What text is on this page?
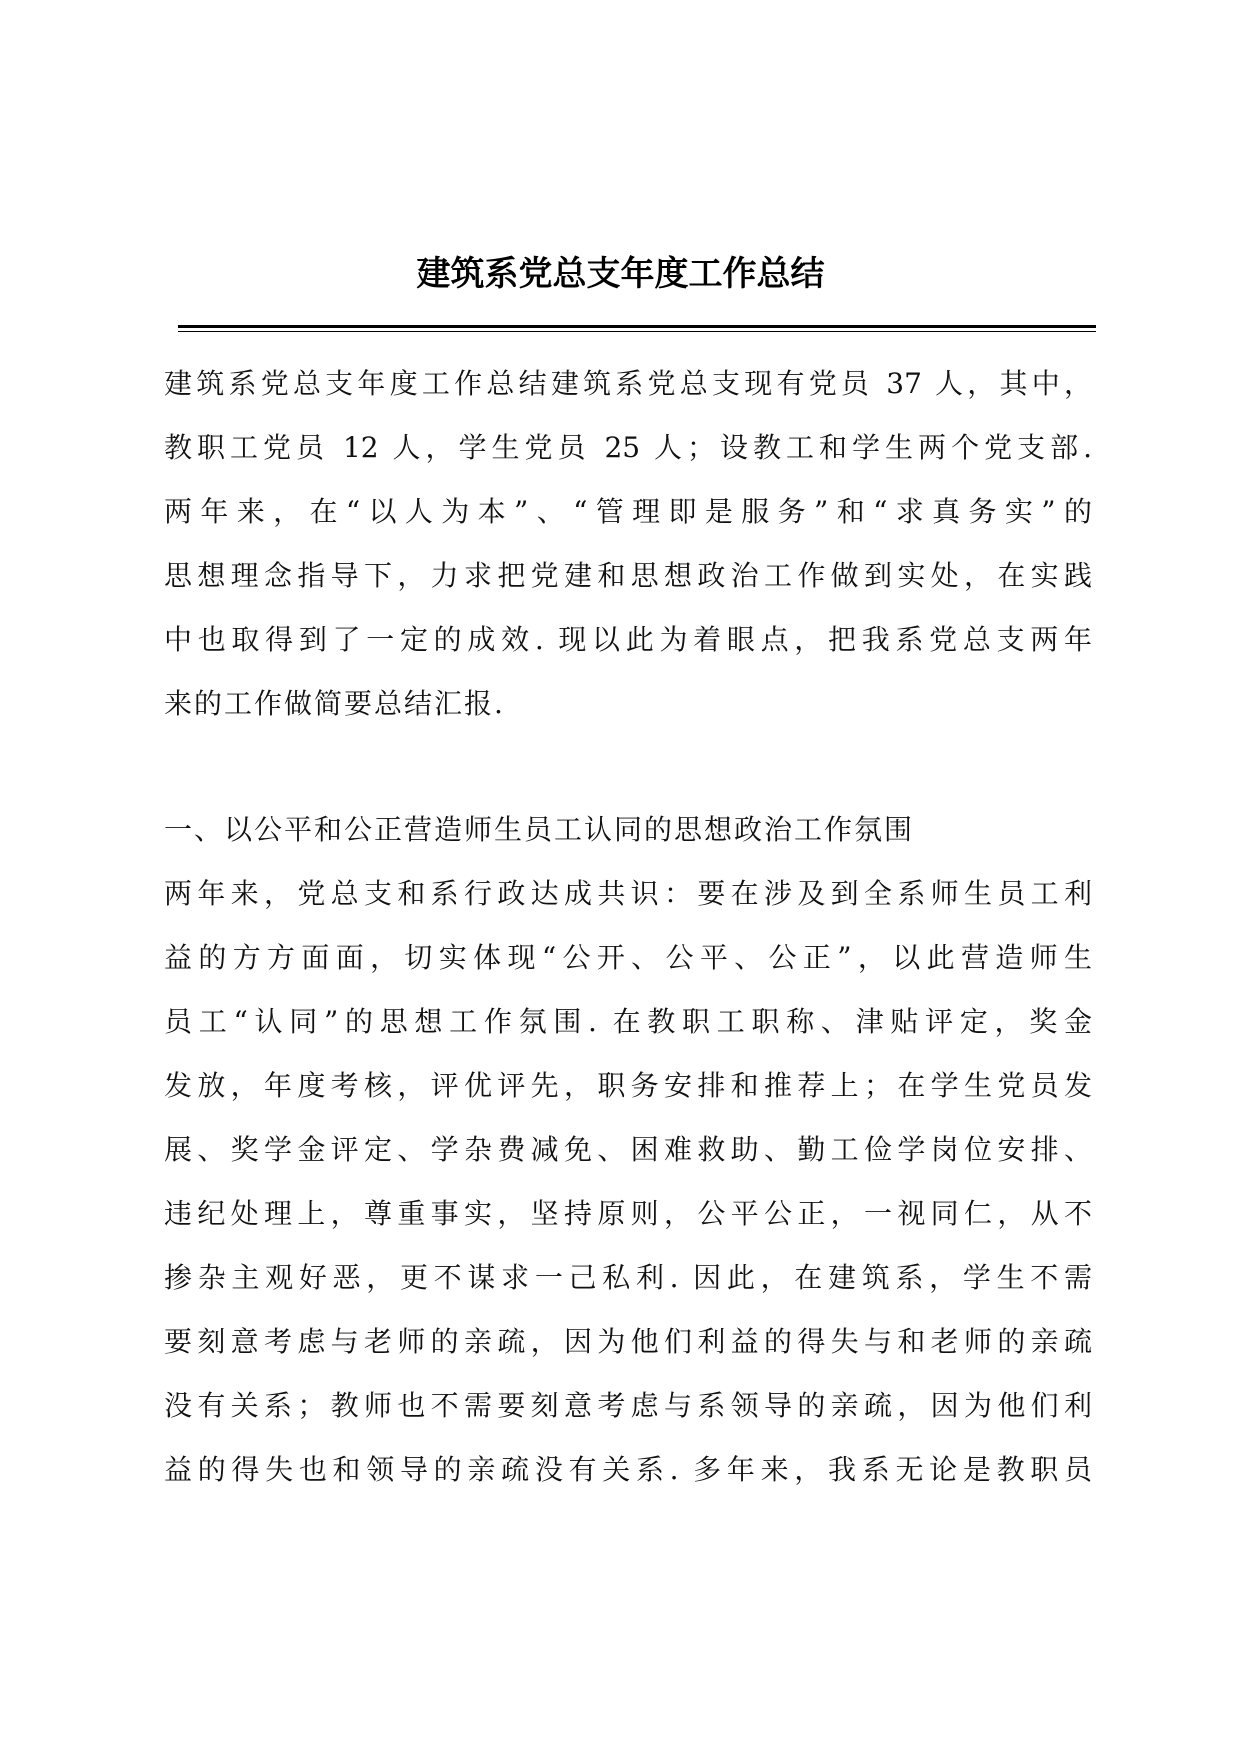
建筑系党总支年度工作总结
建筑系党总支年度工作总结建筑系党总支现有党员 37 人，其中，
教职工党员 12 人，学生党员 25 人；设教工和学生两个党支部.
两年来，在“以人为本”、“管理即是服务”和“求真务实”的
思想理念指导下，力求把党建和思想政治工作做到实处，在实践
中也取得到了一定的成效. 现以此为着眼点，把我系党总支两年
来的工作做简要总结汇报.
一、以公平和公正营造师生员工认同的思想政治工作氛围
两年来，党总支和系行政达成共识：要在涉及到全系师生员工利
益的方方面面，切实体现“公开、公平、公正”，以此营造师生
员工“认同”的思想工作氛围. 在教职工职称、津贴评定，奖金
发放，年度考核，评优评先，职务安排和推荐上；在学生党员发
展、奖学金评定、学杂费减免、困难救助、勤工俭学岗位安排、
违纪处理上，尊重事实，坚持原则，公平公正，一视同仁，从不
掺杂主观好恶，更不谋求一己私利. 因此，在建筑系，学生不需
要刻意考虑与老师的亲疏，因为他们利益的得失与和老师的亲疏
没有关系；教师也不需要刻意考虑与系领导的亲疏，因为他们利
益的得失也和领导的亲疏没有关系. 多年来，我系无论是教职员
